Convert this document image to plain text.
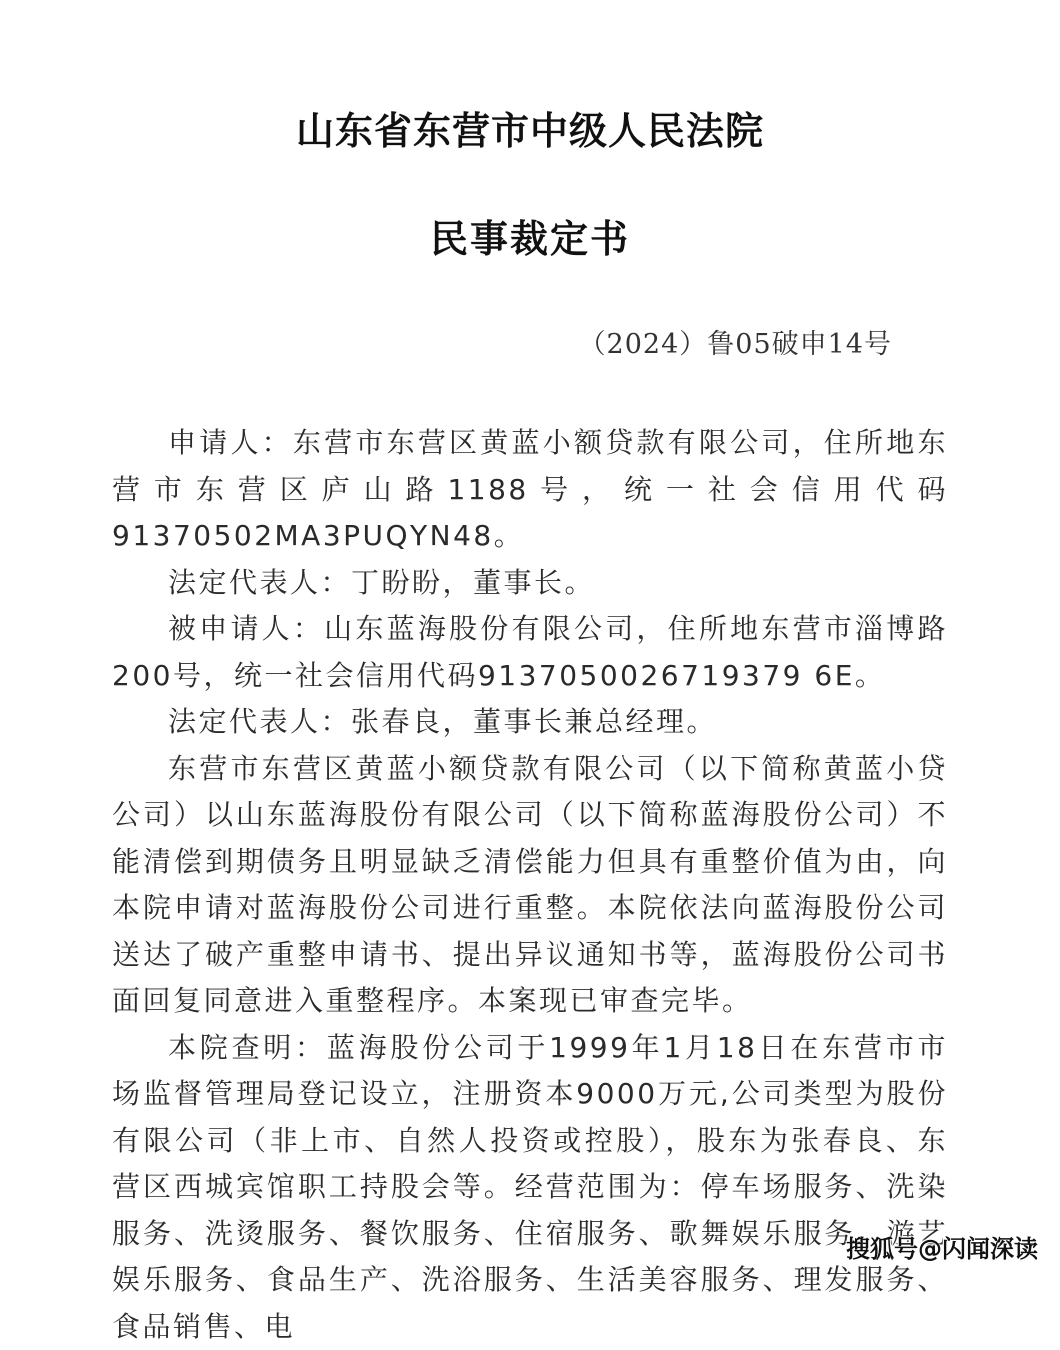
山东省东营市中级人民法院
民事裁定书
（2024）鲁05破申14号

申请人：东营市东营区黄蓝小额贷款有限公司，住所地东营市东营区庐山路1188号，统一社会信用代码91370502MA3PUQYN48。

法定代表人：丁盼盼，董事长。

被申请人：山东蓝海股份有限公司，住所地东营市淄博路200号，统一社会信用代码9137050026719379 6E。

法定代表人：张春良，董事长兼总经理。

东营市东营区黄蓝小额贷款有限公司（以下简称黄蓝小贷公司）以山东蓝海股份有限公司（以下简称蓝海股份公司）不能清偿到期债务且明显缺乏清偿能力但具有重整价值为由，向本院申请对蓝海股份公司进行重整。本院依法向蓝海股份公司送达了破产重整申请书、提出异议通知书等，蓝海股份公司书面回复同意进入重整程序。本案现已审查完毕。

本院查明：蓝海股份公司于1999年1月18日在东营市市场监督管理局登记设立，注册资本9000万元,公司类型为股份有限公司（非上市、自然人投资或控股），股东为张春良、东营区西城宾馆职工持股会等。经营范围为：停车场服务、洗染服务、洗烫服务、餐饮服务、住宿服务、歌舞娱乐服务、游艺娱乐服务、食品生产、洗浴服务、生活美容服务、理发服务、食品销售、电

搜狐号@闪闻深读
